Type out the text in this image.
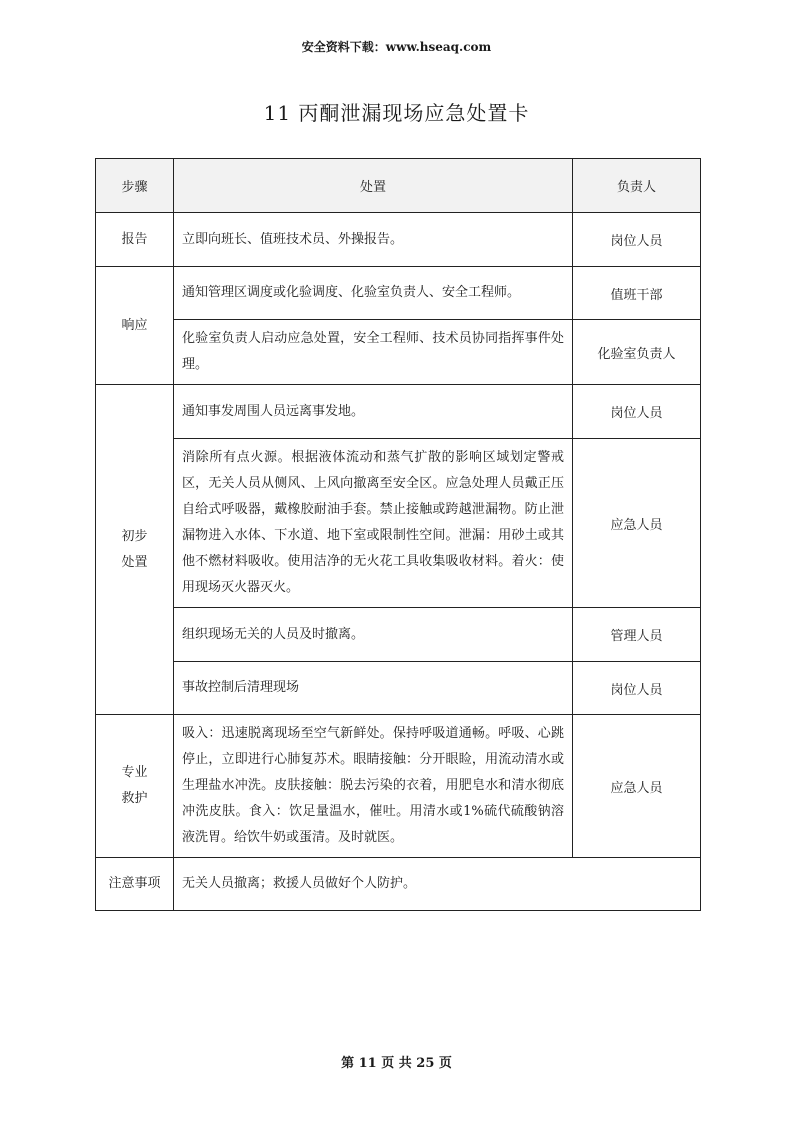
安全资料下载：www.hseaq.com
11 丙酮泄漏现场应急处置卡
步骤	处置	负责人
报告	立即向班长、值班技术员、外操报告。	岗位人员
响应	通知管理区调度或化验调度、化验室负责人、安全工程师。	值班干部
	化验室负责人启动应急处置，安全工程师、技术员协同指挥事件处理。	化验室负责人

初步
处置	通知事发周围人员远离事发地。	岗位人员
	消除所有点火源。根据液体流动和蒸气扩散的影响区域划定警戒区，无关人员从侧风、上风向撤离至安全区。应急处理人员戴正压自给式呼吸器，戴橡胶耐油手套。禁止接触或跨越泄漏物。防止泄漏物进入水体、下水道、地下室或限制性空间。泄漏：用砂土或其他不燃材料吸收。使用洁净的无火花工具收集吸收材料。着火：使用现场灭火器灭火。	应急人员
	组织现场无关的人员及时撤离。	管理人员
	事故控制后清理现场	岗位人员

专业
救护	吸入：迅速脱离现场至空气新鲜处。保持呼吸道通畅。呼吸、心跳停止，立即进行心肺复苏术。眼睛接触：分开眼睑，用流动清水或生理盐水冲洗。皮肤接触：脱去污染的衣着，用肥皂水和清水彻底冲洗皮肤。食入：饮足量温水，催吐。用清水或1%硫代硫酸钠溶液洗胃。给饮牛奶或蛋清。及时就医。	应急人员
注意事项	无关人员撤离；救援人员做好个人防护。	
第 11 页 共 25 页
